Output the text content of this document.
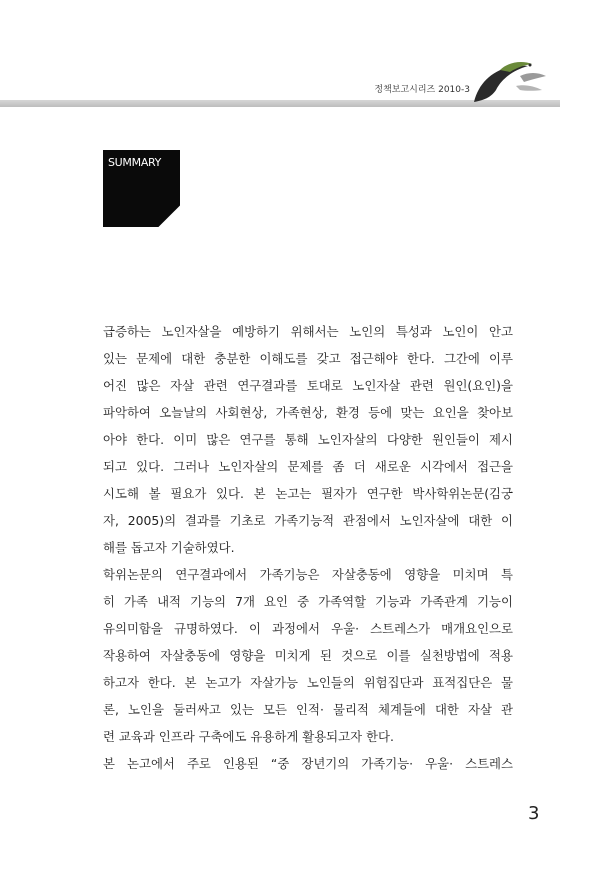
정책보고시리즈 2010-3
SUMMARY
급증하는 노인자살을 예방하기 위해서는 노인의 특성과 노인이 안고
있는 문제에 대한 충분한 이해도를 갖고 접근해야 한다. 그간에 이루
어진 많은 자살 관련 연구결과를 토대로 노인자살 관련 원인(요인)을
파악하여 오늘날의 사회현상, 가족현상, 환경 등에 맞는 요인을 찾아보
아야 한다. 이미 많은 연구를 통해 노인자살의 다양한 원인들이 제시
되고 있다. 그러나 노인자살의 문제를 좀 더 새로운 시각에서 접근을
시도해 볼 필요가 있다. 본 논고는 필자가 연구한 박사학위논문(김궁
자, 2005)의 결과를 기초로 가족기능적 관점에서 노인자살에 대한 이
해를 돕고자 기술하였다.
학위논문의 연구결과에서 가족기능은 자살충동에 영향을 미치며 특
히 가족 내적 기능의 7개 요인 중 가족역할 기능과 가족관계 기능이
유의미함을 규명하였다. 이 과정에서 우울· 스트레스가 매개요인으로
작용하여 자살충동에 영향을 미치게 된 것으로 이를 실천방법에 적용
하고자 한다. 본 논고가 자살가능 노인들의 위험집단과 표적집단은 물
론, 노인을 둘러싸고 있는 모든 인적· 물리적 체계들에 대한 자살 관
련 교육과 인프라 구축에도 유용하게 활용되고자 한다.
본 논고에서 주로 인용된 “중 장년기의 가족기능· 우울· 스트레스
3
